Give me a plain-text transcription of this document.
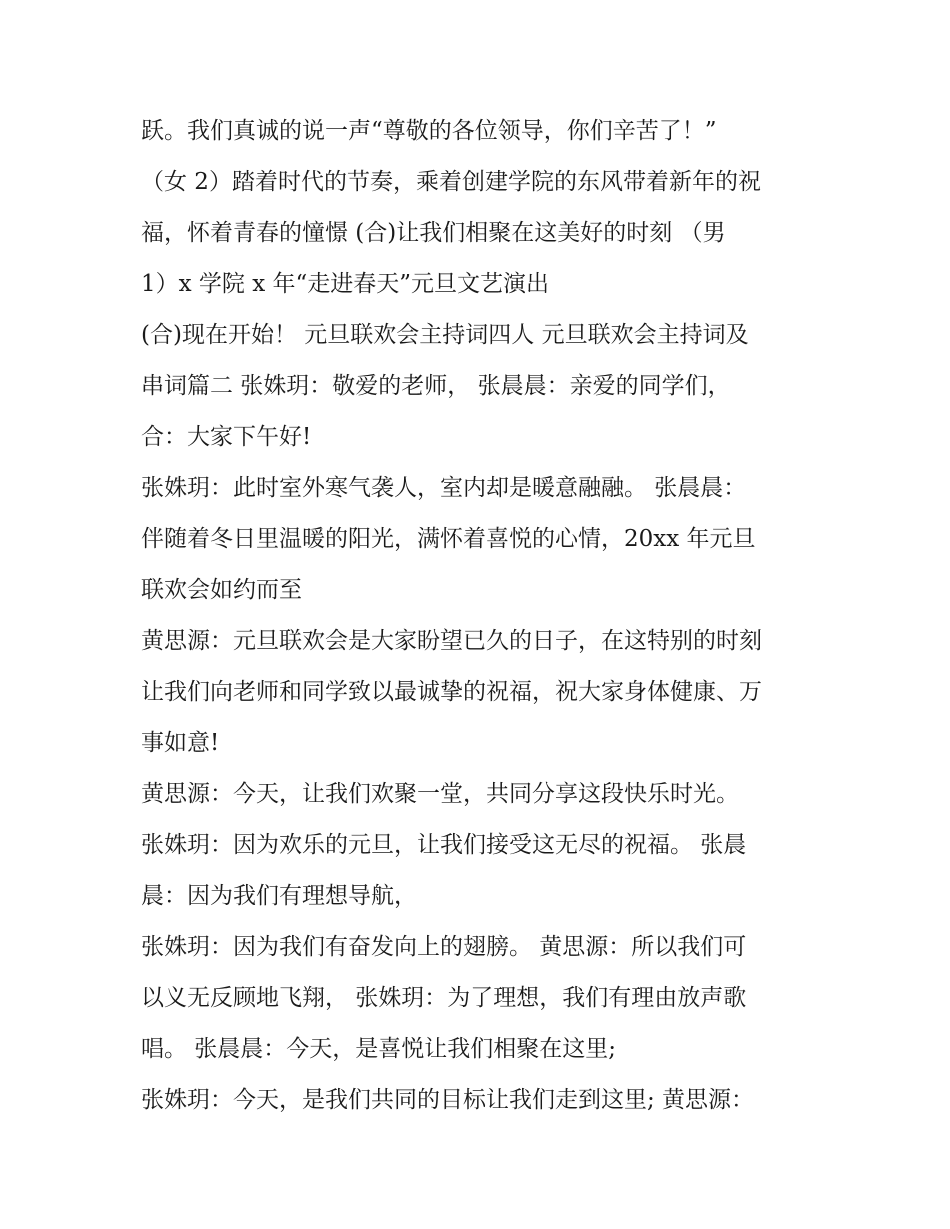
跃。我们真诚的说一声“尊敬的各位领导，你们辛苦了！”

（女 2）踏着时代的节奏，乘着创建学院的东风带着新年的祝

福，怀着青春的憧憬 (合)让我们相聚在这美好的时刻 （男

1）x 学院 x 年“走进春天”元旦文艺演出

(合)现在开始！ 元旦联欢会主持词四人 元旦联欢会主持词及

串词篇二 张姝玥：敬爱的老师， 张晨晨：亲爱的同学们，

合：大家下午好!

张姝玥：此时室外寒气袭人，室内却是暖意融融。 张晨晨：

伴随着冬日里温暖的阳光，满怀着喜悦的心情，20xx 年元旦

联欢会如约而至

黄思源：元旦联欢会是大家盼望已久的日子，在这特别的时刻

让我们向老师和同学致以最诚挚的祝福，祝大家身体健康、万

事如意!

黄思源：今天，让我们欢聚一堂，共同分享这段快乐时光。

张姝玥：因为欢乐的元旦，让我们接受这无尽的祝福。 张晨

晨：因为我们有理想导航，

张姝玥：因为我们有奋发向上的翅膀。 黄思源：所以我们可

以义无反顾地飞翔， 张姝玥：为了理想，我们有理由放声歌

唱。 张晨晨：今天，是喜悦让我们相聚在这里;

张姝玥：今天，是我们共同的目标让我们走到这里; 黄思源：
